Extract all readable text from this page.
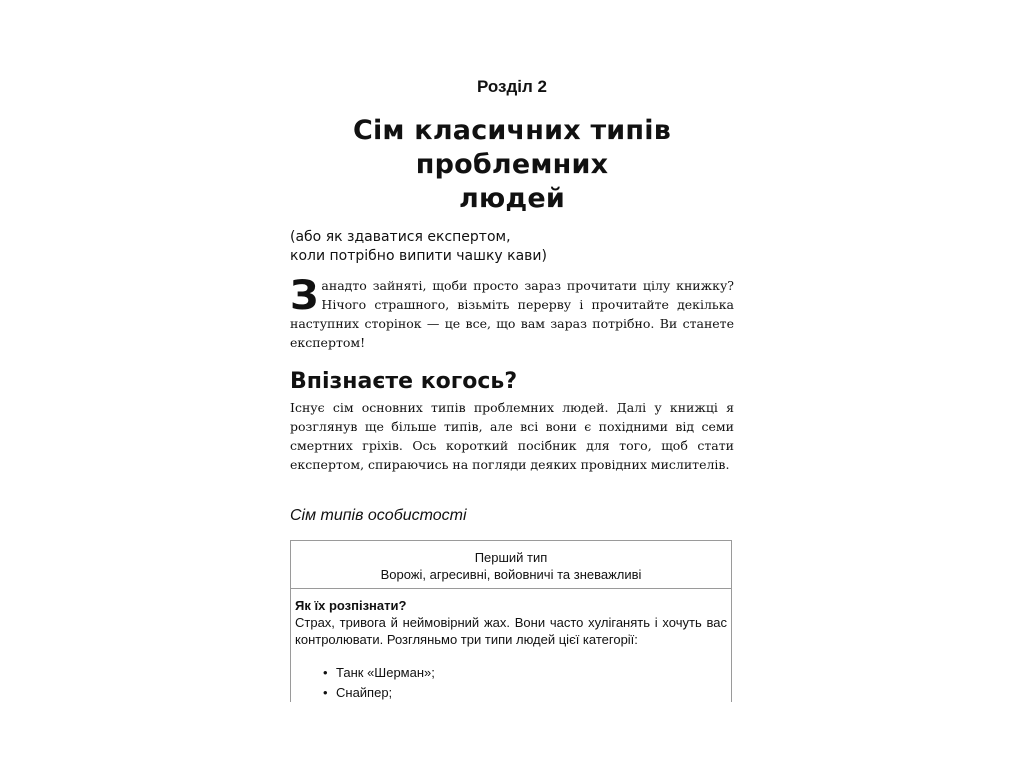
Розділ 2
Сім класичних типів
проблемних
людей
(або як здаватися експертом,
коли потрібно випити чашку кави)
Занадто зайняті, щоби просто зараз прочитати цілу книжку? Нічого страшного, візьміть перерву і прочитайте декілька наступних сторінок — це все, що вам зараз потрібно. Ви станете експертом!
Впізнаєте когось?
Існує сім основних типів проблемних людей. Далі у книжці я розглянув ще більше типів, але всі вони є похідними від семи смертних гріхів. Ось короткий посібник для того, щоб стати експертом, спираючись на погляди деяких провідних мислителів.
Сім типів особистості
Перший тип
Ворожі, агресивні, войовничі та зневажливі
Як їх розпізнати?
Страх, тривога й неймовірний жах. Вони часто хуліганять і хочуть вас контролювати. Розгляньмо три типи людей цієї категорії:
• Танк «Шерман»;
• Снайпер;
